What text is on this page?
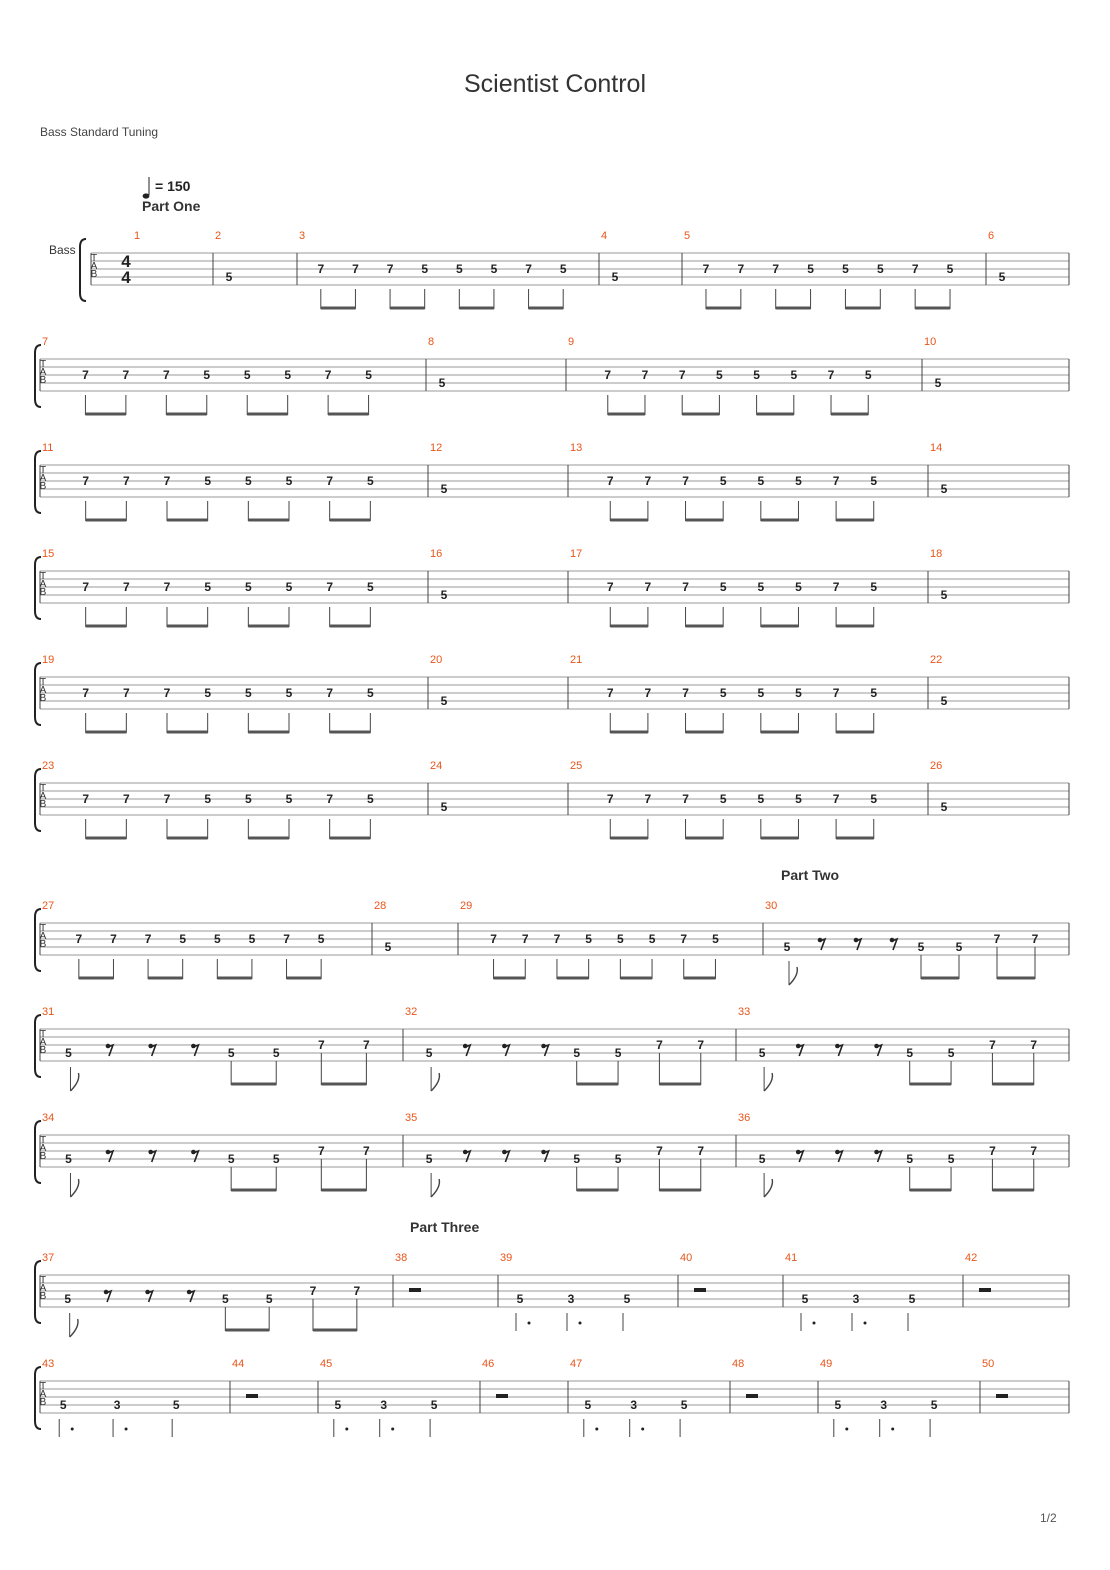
Scientist Control
Bass Standard Tuning
= 150
Bass
Part One
Part Two
Part Three
1/2
T
A
B
4
4
1	2
5
3
7 7 7 5 5 5 7 5
4
5
5
7 7 7 5 5 5 7 5
6
5
T
A
B
7
7	7	7	5	5	5	7	5
8
5
9
7	7	7	5	5	5	7	5
10
5
T
A
B
11
7	7	7	5	5	5	7	5
12
5
13
7	7	7	5	5	5	7	5
14
5
T
A
B
15
7	7	7	5	5	5	7	5
16
5
17
7	7	7	5	5	5	7	5
18
5
T
A
B
19
7	7	7	5	5	5	7	5
20
5
21
7	7	7	5	5	5	7	5
22
5
T
A
B
23
7	7	7	5	5	5	7	5
24
5
25
7	7	7	5	5	5	7	5
26
5
T
A
B
27
7 7 7 5 5 5 7 5
28
5
29
7 7 7 5 5 5 7 5
30
5	5	5
7	7
T
A
B
31
5	5	5
7	7
32
5	5	5
7	7
33
5	5	5
7	7
T
A
B
34
5	5	5
7	7
35
5	5	5
7	7
36
5	5	5
7	7
T
A
B
37
5	5	5
7	7
38	39
5	3	5
40	41
5	3	5
42
T
A
B
43
5	3	5
44	45
5	3	5
46	47
5	3	5
48	49
5	3	5
50
